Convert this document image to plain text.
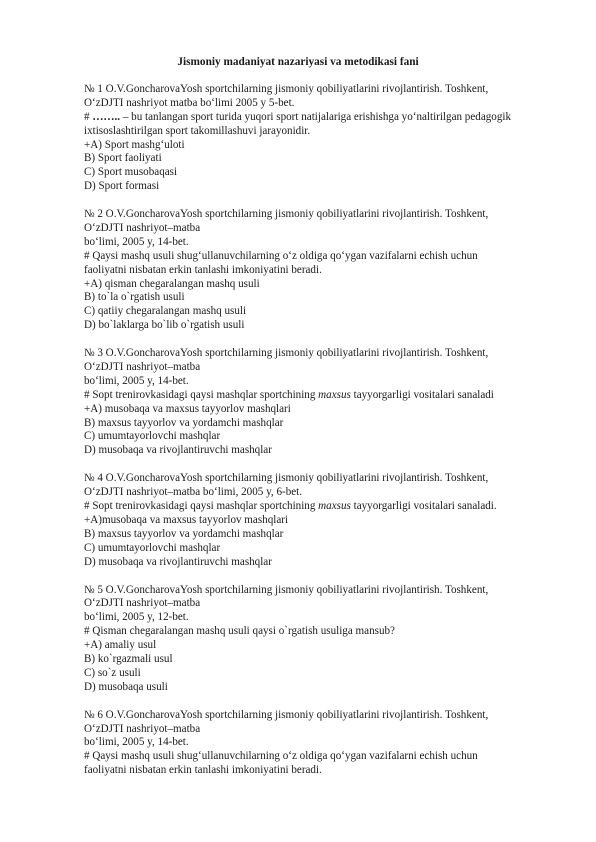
Jismoniy madaniyat nazariyasi va metodikasi fani
№ 1 O.V.GoncharovaYosh sportchilarning jismoniy qobiliyatlarini rivojlantirish. Toshkent,
O‘zDJTI nashriyot matba bo‘limi 2005 y 5-bet.
# …….. – bu tanlangan sport turida yuqori sport natijalariga erishishga yo‘naltirilgan pedagogik
ixtisoslashtirilgan sport takomillashuvi jarayonidir.
+A) Sport mashg‘uloti
B) Sport faoliyati
C) Sport musobaqasi
D) Sport formasi
№ 2 O.V.GoncharovaYosh sportchilarning jismoniy qobiliyatlarini rivojlantirish. Toshkent,
O‘zDJTI nashriyot–matba
bo‘limi, 2005 y, 14-bet.
# Qaysi mashq usuli shug‘ullanuvchilarning o‘z oldiga qo‘ygan vazifalarni echish uchun
faoliyatni nisbatan erkin tanlashi imkoniyatini beradi.
+A) qisman chegaralangan mashq usuli
B) to`la o`rgatish usuli
C) qatiiy chegaralangan mashq usuli
D) bo`laklarga bo`lib o`rgatish usuli
№ 3 O.V.GoncharovaYosh sportchilarning jismoniy qobiliyatlarini rivojlantirish. Toshkent,
O‘zDJTI nashriyot–matba
bo‘limi, 2005 y, 14-bet.
# Sopt trenirovkasidagi qaysi mashqlar sportchining maxsus tayyorgarligi vositalari sanaladi
+A) musobaqa va maxsus tayyorlov mashqlari
B) maxsus tayyorlov va yordamchi mashqlar
C) umumtayorlovchi mashqlar
D) musobaqa va rivojlantiruvchi mashqlar
№ 4 O.V.GoncharovaYosh sportchilarning jismoniy qobiliyatlarini rivojlantirish. Toshkent,
O‘zDJTI nashriyot–matba bo‘limi, 2005 y, 6-bet.
# Sopt trenirovkasidagi qaysi mashqlar sportchining maxsus tayyorgarligi vositalari sanaladi.
+A)musobaqa va maxsus tayyorlov mashqlari
B) maxsus tayyorlov va yordamchi mashqlar
C) umumtayorlovchi mashqlar
D) musobaqa va rivojlantiruvchi mashqlar
№ 5 O.V.GoncharovaYosh sportchilarning jismoniy qobiliyatlarini rivojlantirish. Toshkent,
O‘zDJTI nashriyot–matba
bo‘limi, 2005 y, 12-bet.
# Qisman chegaralangan mashq usuli qaysi o`rgatish usuliga mansub?
+A) amaliy usul
B) ko`rgazmali usul
C) so`z usuli
D) musobaqa usuli
№ 6 O.V.GoncharovaYosh sportchilarning jismoniy qobiliyatlarini rivojlantirish. Toshkent,
O‘zDJTI nashriyot–matba
bo‘limi, 2005 y, 14-bet.
# Qaysi mashq usuli shug‘ullanuvchilarning o‘z oldiga qo‘ygan vazifalarni echish uchun
faoliyatni nisbatan erkin tanlashi imkoniyatini beradi.
